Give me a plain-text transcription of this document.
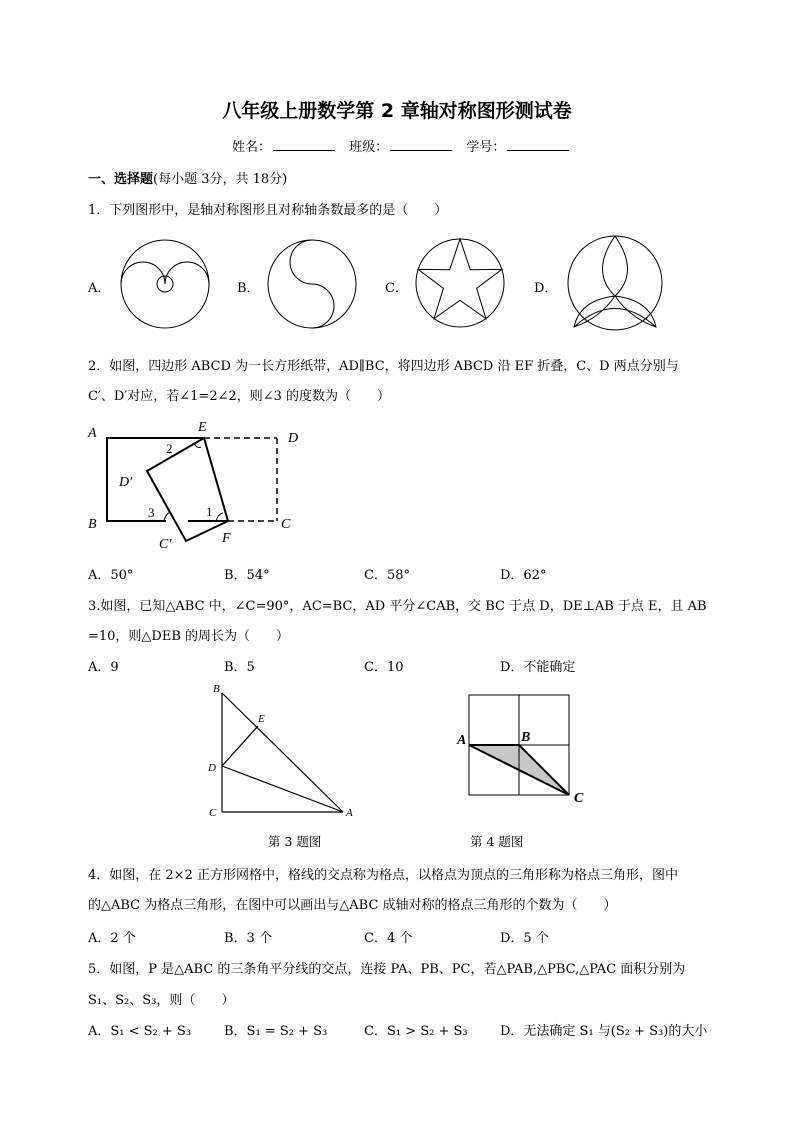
八年级上册数学第 2 章轴对称图形测试卷
姓名：	班级：	学号：
一、选择题(每小题 3分，共 18分)
1．下列图形中，是轴对称图形且对称轴条数最多的是（　　）
A．	B．	C．	D．
2．如图，四边形 ABCD 为一长方形纸带，AD∥BC，将四边形 ABCD 沿 EF 折叠，C、D 两点分别与
C′、D′对应，若∠1=2∠2，则∠3 的度数为（　　）
A
B	C
D
E
F
C′
D′
1
2
3
A．50°	B．54°	C．58°	D．62°
3.如图，已知△ABC 中，∠C=90°，AC=BC，AD 平分∠CAB，交 BC 于点 D，DE⊥AB 于点 E，且 AB
=10，则△DEB 的周长为（　　）
A．9	B．5	C．10	D．不能确定
B
E
D
C	A
第 3 题图
A	B
C
第 4 题图
4．如图，在 2×2 正方形网格中，格线的交点称为格点，以格点为顶点的三角形称为格点三角形，图中
的△ABC 为格点三角形，在图中可以画出与△ABC 成轴对称的格点三角形的个数为（　　）
A．2 个	B．3 个	C．4 个	D．5 个
5．如图，P 是△ABC 的三条角平分线的交点，连接 PA、PB、PC，若△PAB,△PBC,△PAC 面积分别为
S₁、S₂、S₃，则（　　）
A．S₁ < S₂ + S₃	B．S₁ = S₂ + S₃	C．S₁ > S₂ + S₃ D．无法确定 S₁ 与(S₂ + S₃)的大小
